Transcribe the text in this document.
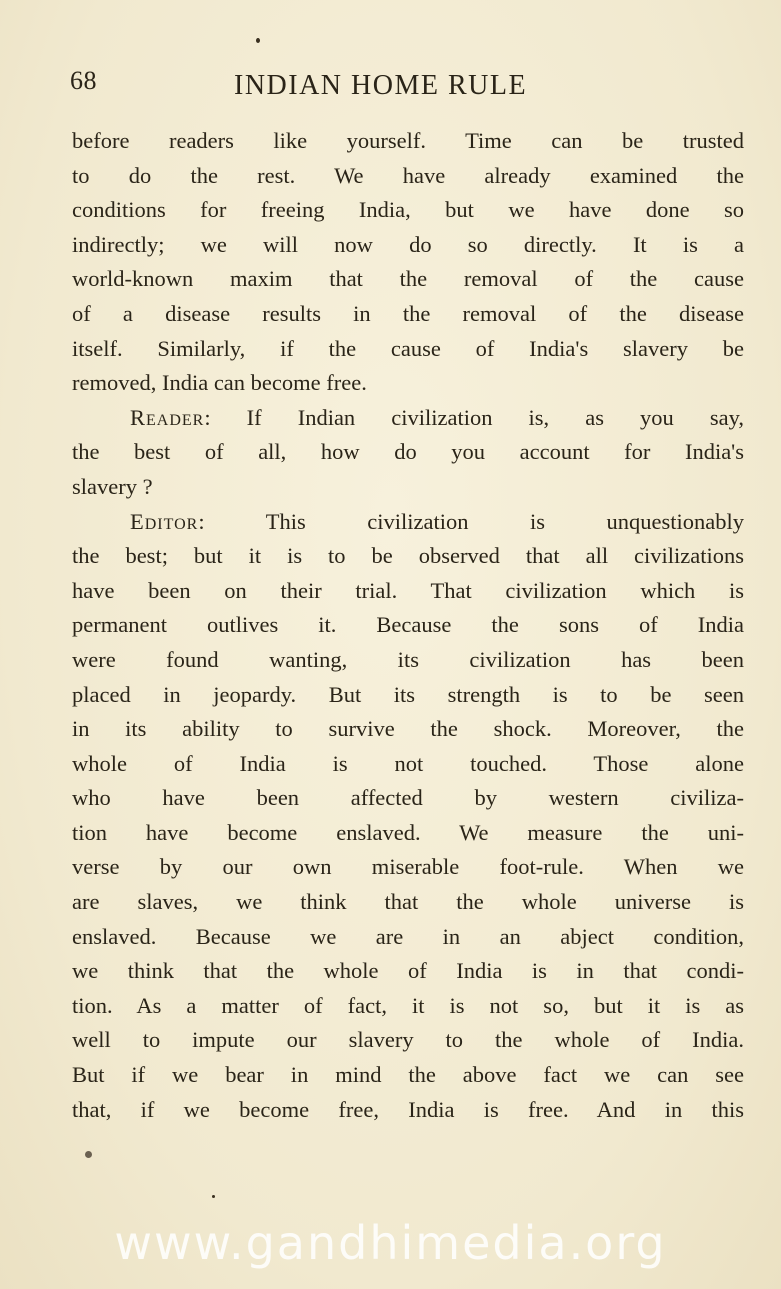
68	INDIAN HOME RULE
before readers like yourself. Time can be trusted
to do the rest. We have already examined the
conditions for freeing India, but we have done so
indirectly; we will now do so directly. It is a
world-known maxim that the removal of the cause
of a disease results in the removal of the disease
itself. Similarly, if the cause of India's slavery be
removed, India can become free.
Reader: If Indian civilization is, as you say,
the best of all, how do you account for India's
slavery ?
Editor: This civilization is unquestionably
the best; but it is to be observed that all civilizations
have been on their trial. That civilization which is
permanent outlives it. Because the sons of India
were found wanting, its civilization has been
placed in jeopardy. But its strength is to be seen
in its ability to survive the shock. Moreover, the
whole of India is not touched. Those alone
who have been affected by western civiliza-
tion have become enslaved. We measure the uni-
verse by our own miserable foot-rule. When we
are slaves, we think that the whole universe is
enslaved. Because we are in an abject condition,
we think that the whole of India is in that condi-
tion. As a matter of fact, it is not so, but it is as
well to impute our slavery to the whole of India.
But if we bear in mind the above fact we can see
that, if we become free, India is free. And in this
www.gandhimedia.org
